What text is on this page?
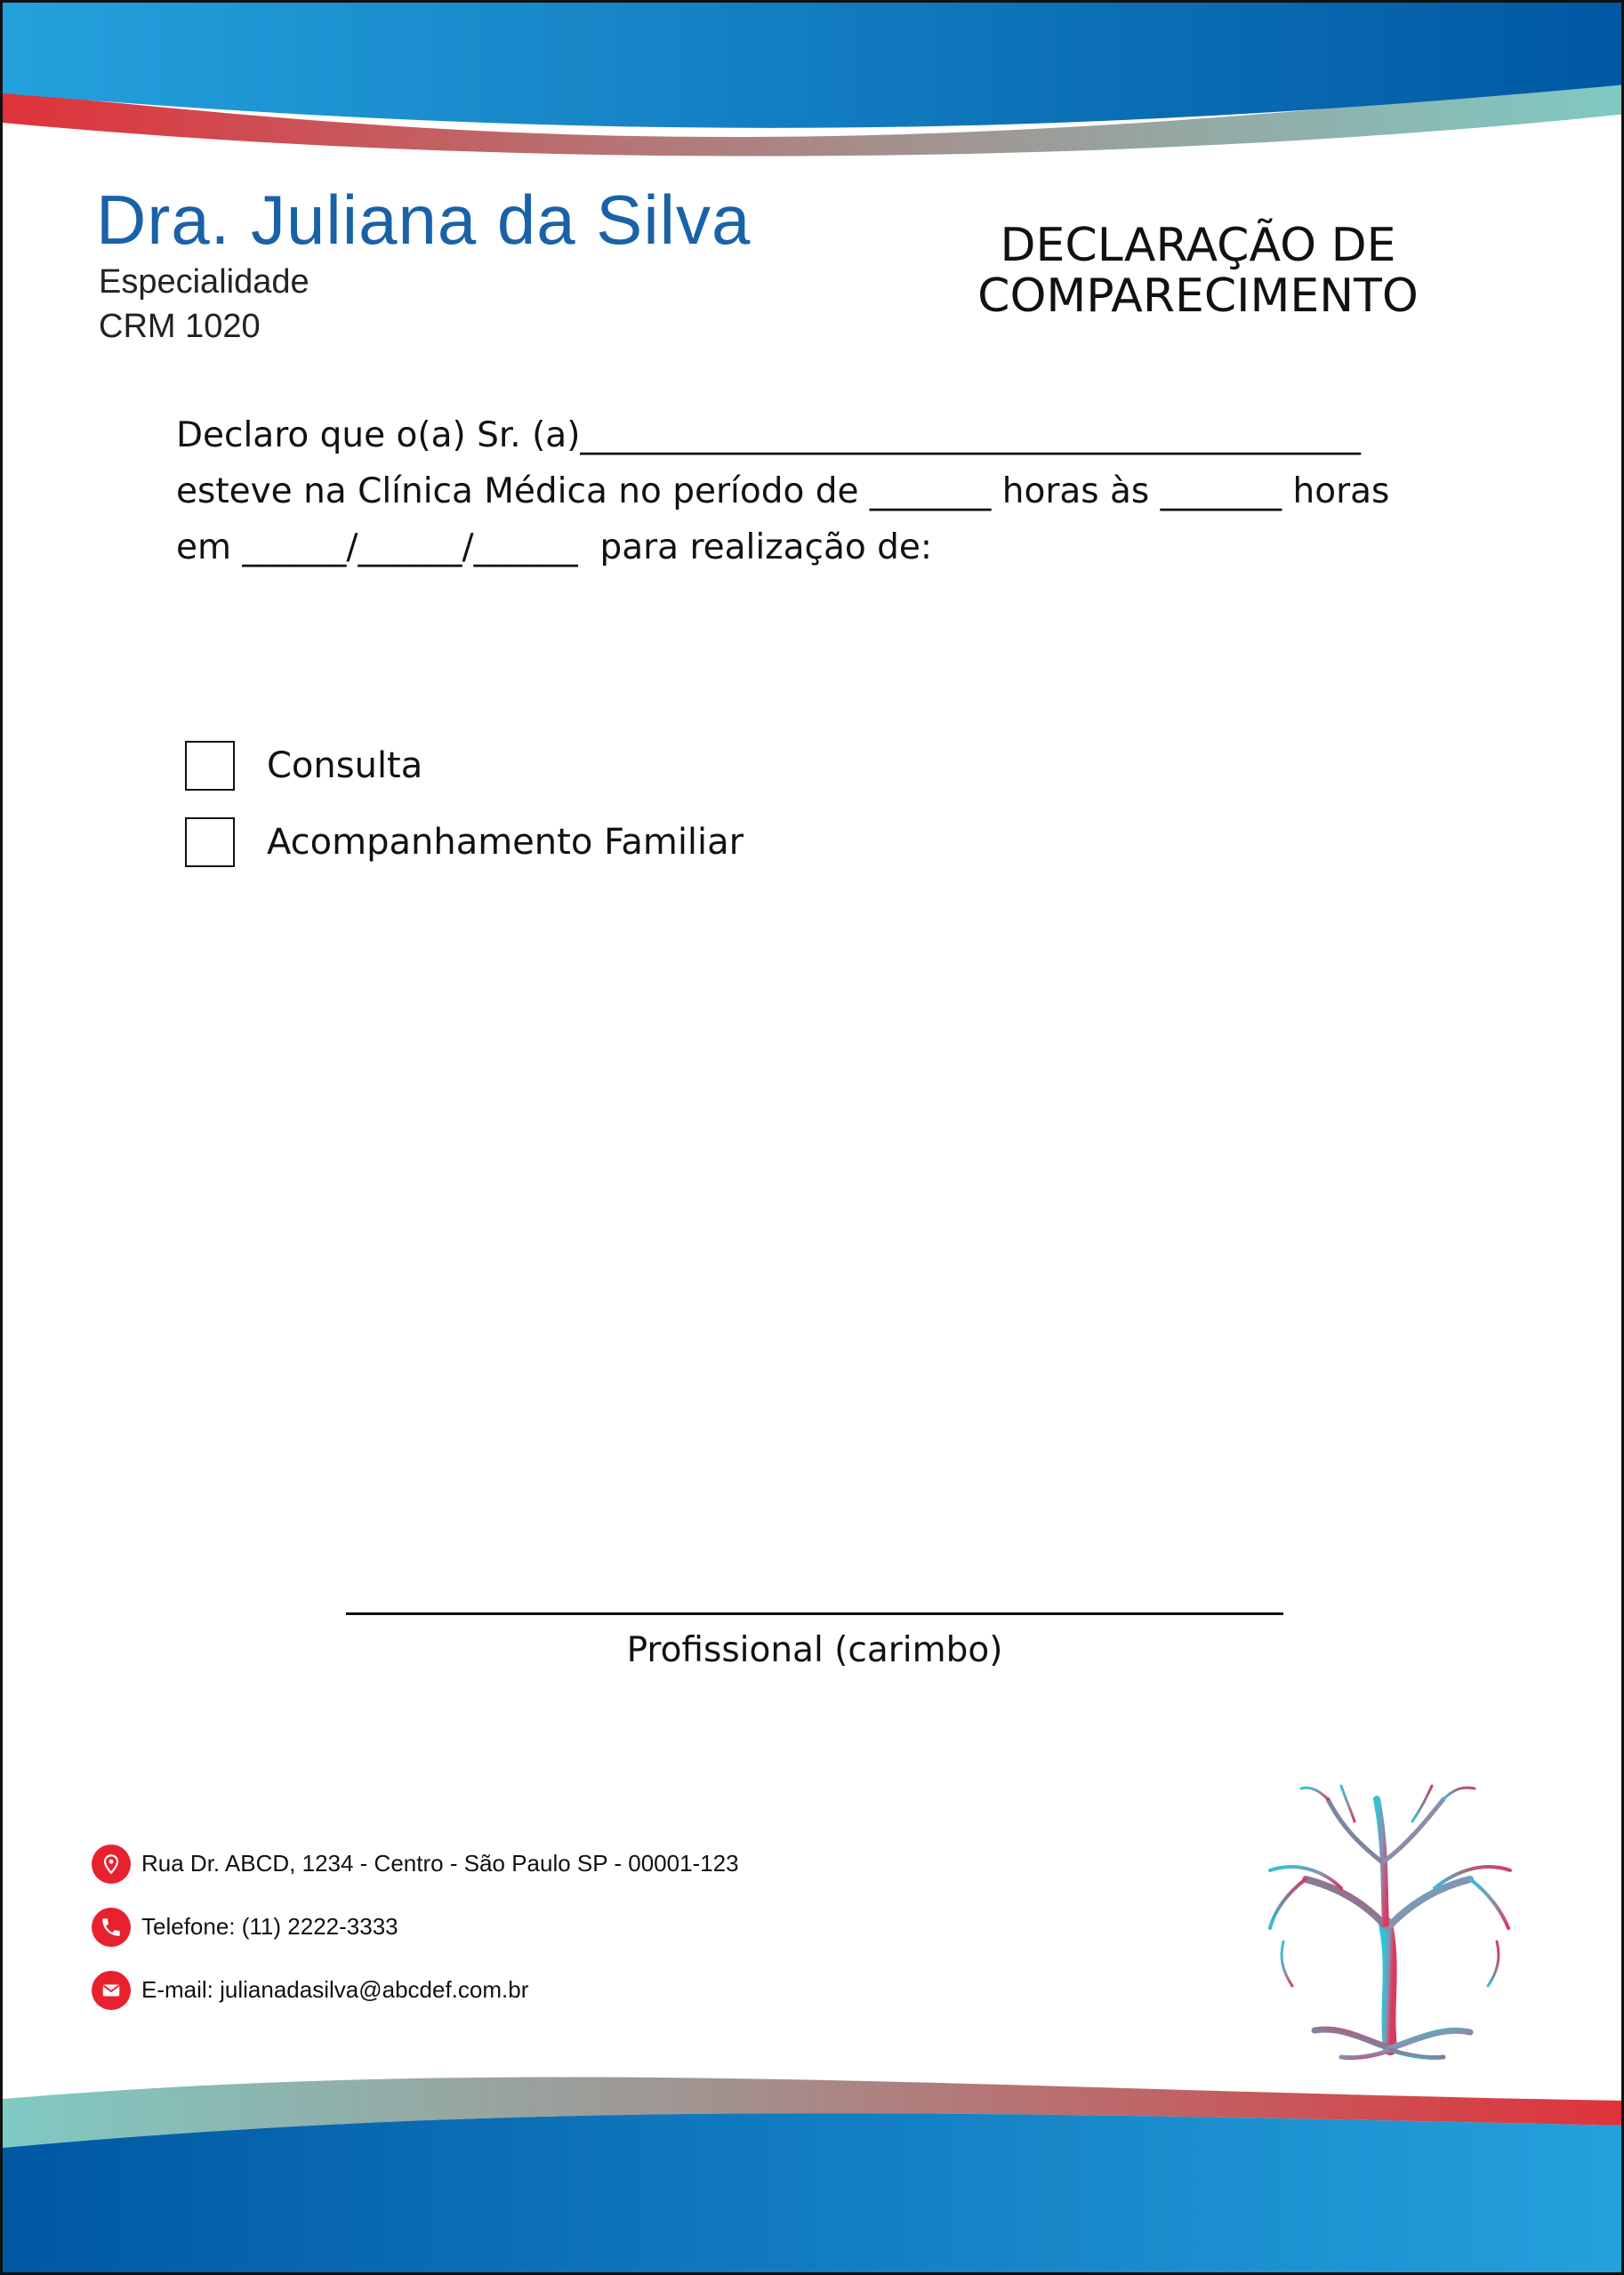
Dra. Juliana da Silva
Especialidade
CRM 1020
DECLARAÇÃO DE
COMPARECIMENTO
Declaro que o(a) Sr. (a)_____________________________________________
esteve na Clínica Médica no período de _______ horas às _______ horas
em ______/______/______  para realização de:
Consulta
Acompanhamento Familiar
Profissional (carimbo)
Rua Dr. ABCD, 1234 - Centro - São Paulo SP - 00001-123
Telefone: (11) 2222-3333
E-mail: julianadasilva@abcdef.com.br
